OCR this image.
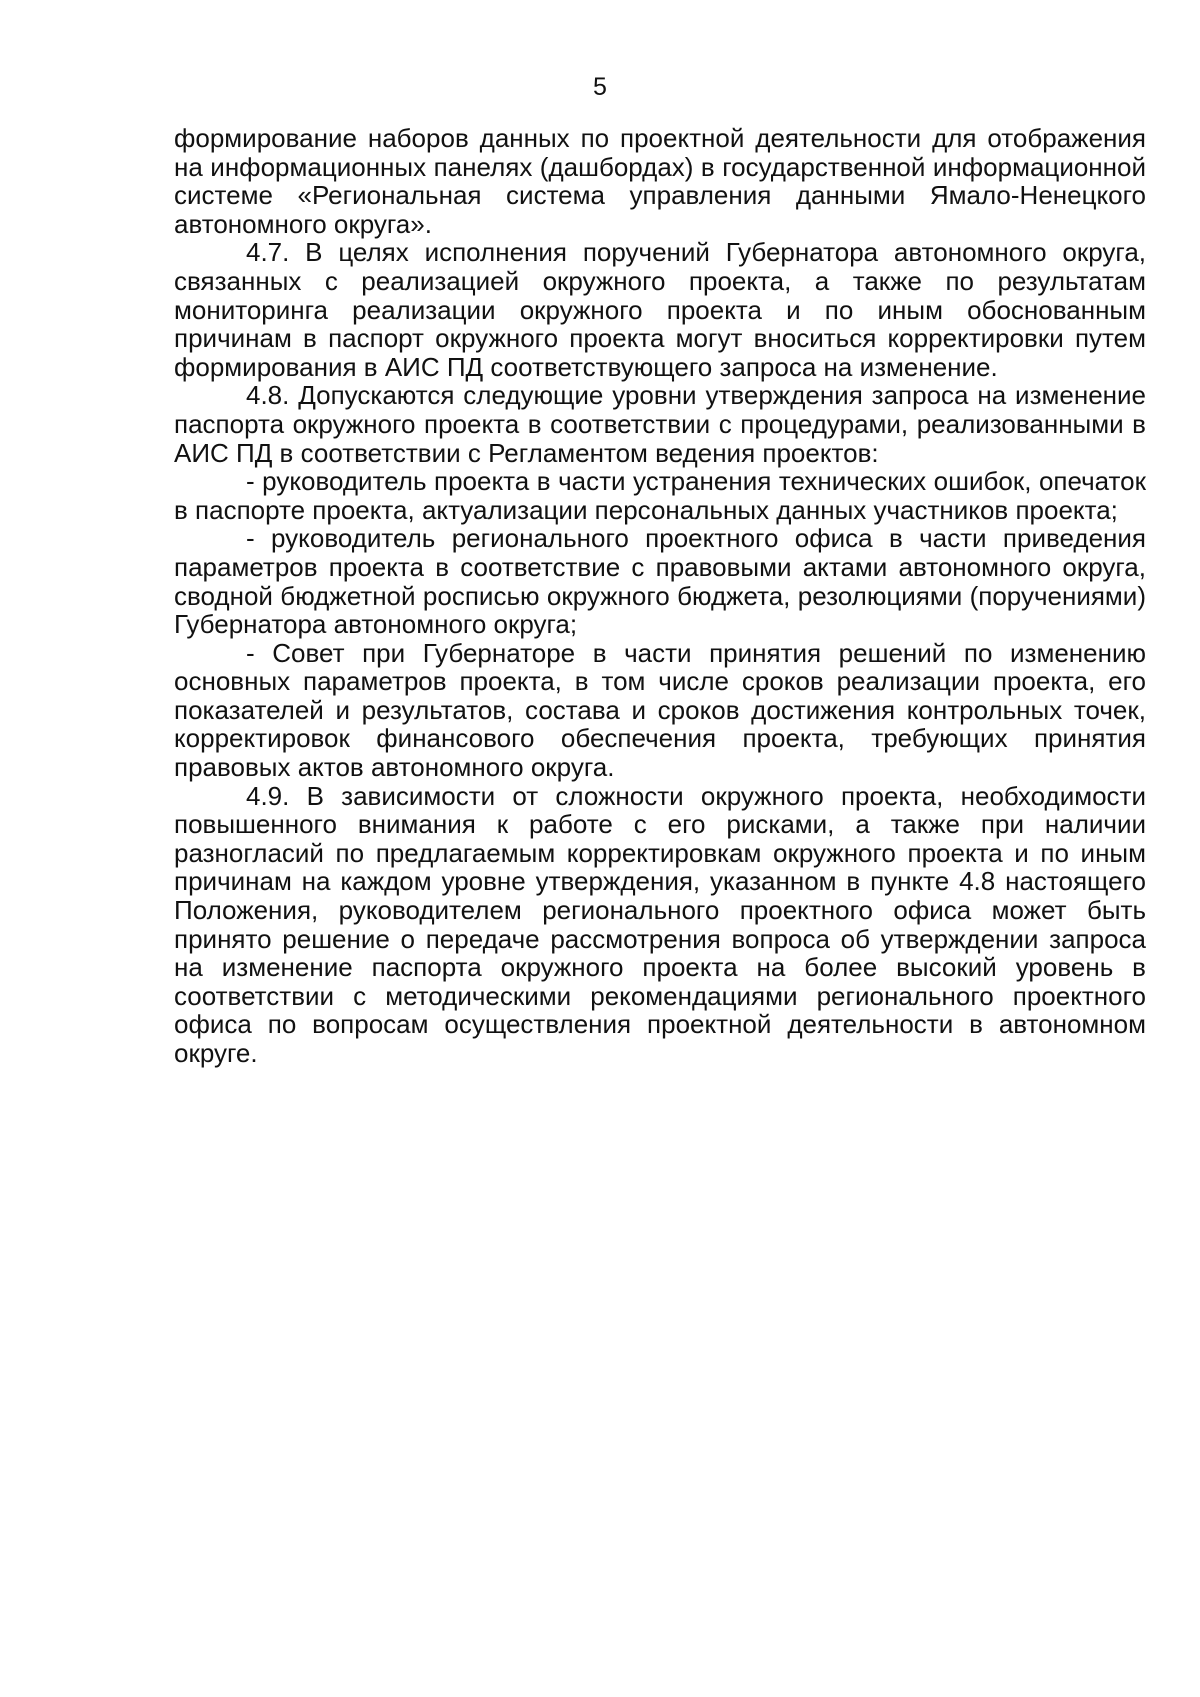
5

формирование наборов данных по проектной деятельности для отображения на информационных панелях (дашбордах) в государственной информационной системе «Региональная система управления данными Ямало-Ненецкого автономного округа».

4.7. В целях исполнения поручений Губернатора автономного округа, связанных с реализацией окружного проекта, а также по результатам мониторинга реализации окружного проекта и по иным обоснованным причинам в паспорт окружного проекта могут вноситься корректировки путем формирования в АИС ПД соответствующего запроса на изменение.

4.8. Допускаются следующие уровни утверждения запроса на изменение паспорта окружного проекта в соответствии с процедурами, реализованными в АИС ПД в соответствии с Регламентом ведения проектов:

- руководитель проекта в части устранения технических ошибок, опечаток в паспорте проекта, актуализации персональных данных участников проекта;

- руководитель регионального проектного офиса в части приведения параметров проекта в соответствие с правовыми актами автономного округа, сводной бюджетной росписью окружного бюджета, резолюциями (поручениями) Губернатора автономного округа;

- Совет при Губернаторе в части принятия решений по изменению основных параметров проекта, в том числе сроков реализации проекта, его показателей и результатов, состава и сроков достижения контрольных точек, корректировок финансового обеспечения проекта, требующих принятия правовых актов автономного округа.

4.9. В зависимости от сложности окружного проекта, необходимости повышенного внимания к работе с его рисками, а также при наличии разногласий по предлагаемым корректировкам окружного проекта и по иным причинам на каждом уровне утверждения, указанном в пункте 4.8 настоящего Положения, руководителем регионального проектного офиса может быть принято решение о передаче рассмотрения вопроса об утверждении запроса на изменение паспорта окружного проекта на более высокий уровень в соответствии с методическими рекомендациями регионального проектного офиса по вопросам осуществления проектной деятельности в автономном округе.
